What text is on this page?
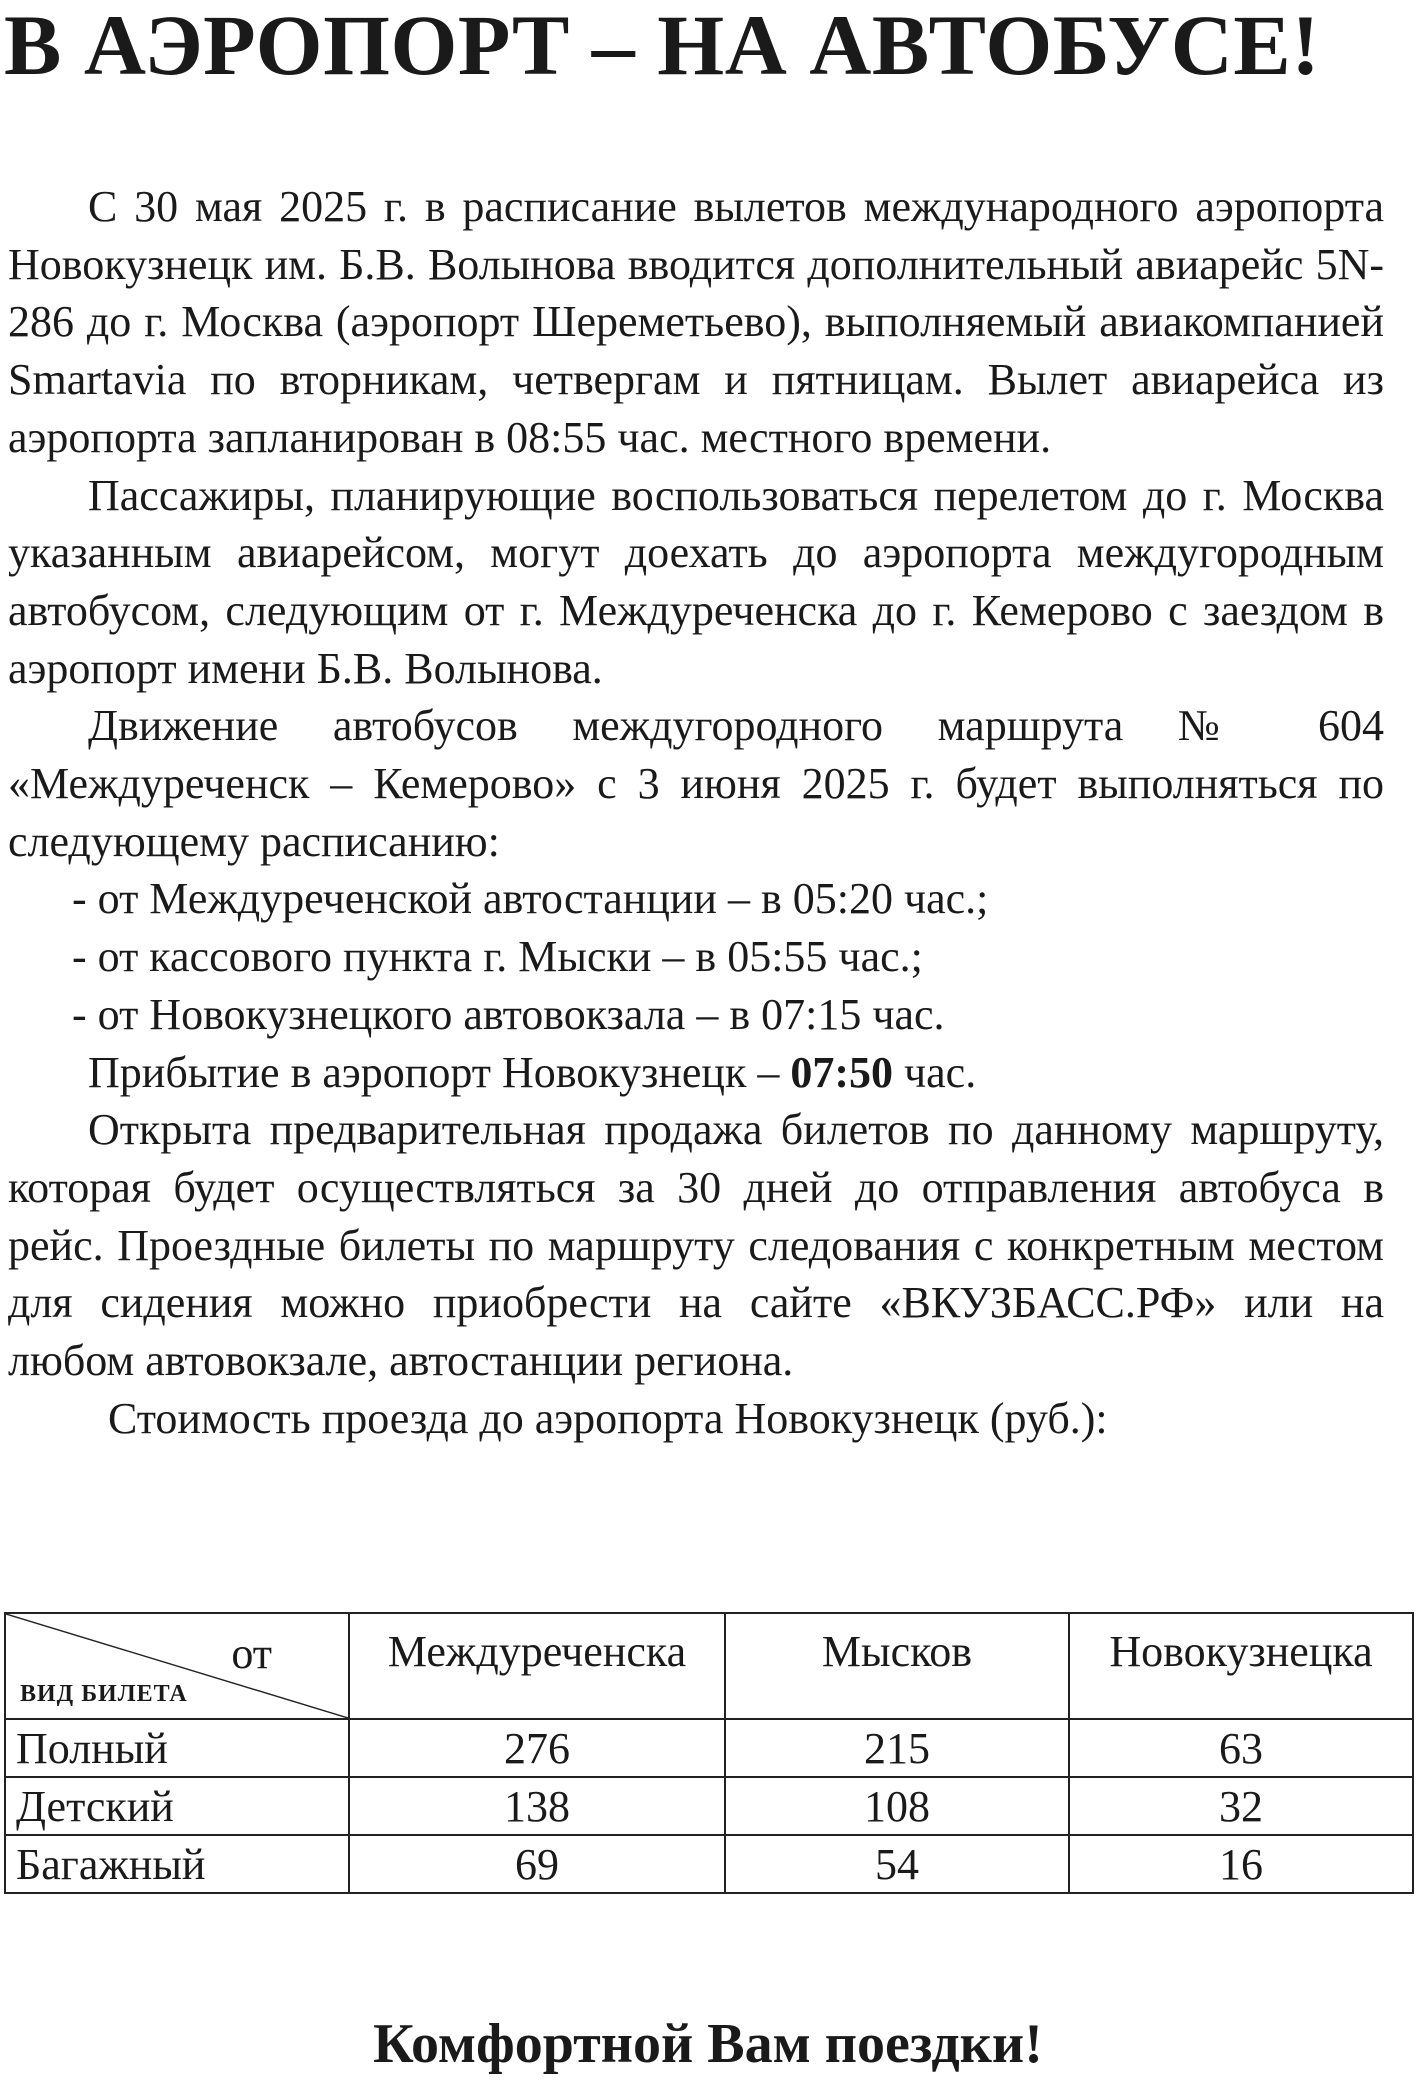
В АЭРОПОРТ – НА АВТОБУСЕ!

С 30 мая 2025 г. в расписание вылетов международного аэропорта Новокузнецк им. Б.В. Волынова вводится дополнительный авиарейс 5N-286 до г. Москва (аэропорт Шереметьево), выполняемый авиакомпанией Smartavia по вторникам, четвергам и пятницам. Вылет авиарейса из аэропорта запланирован в 08:55 час. местного времени.

Пассажиры, планирующие воспользоваться перелетом до г. Москва указанным авиарейсом, могут доехать до аэропорта междугородным автобусом, следующим от г. Междуреченска до г. Кемерово с заездом в аэропорт имени Б.В. Волынова.

Движение автобусов междугородного маршрута № 604 «Междуреченск – Кемерово» с 3 июня 2025 г. будет выполняться по следующему расписанию:

- от Междуреченской автостанции – в 05:20 час.;
- от кассового пункта г. Мыски – в 05:55 час.;
- от Новокузнецкого автовокзала – в 07:15 час.
Прибытие в аэропорт Новокузнецк – 07:50 час.

Открыта предварительная продажа билетов по данному маршруту, которая будет осуществляться за 30 дней до отправления автобуса в рейс. Проездные билеты по маршруту следования с конкретным местом для сидения можно приобрести на сайте «ВКУЗБАСС.РФ» или на любом автовокзале, автостанции региона.

Стоимость проезда до аэропорта Новокузнецк (руб.):
от
ВИД БИЛЕТА	Междуреченска	Мысков	Новокузнецка
Полный	276	215	63
Детский	138	108	32
Багажный	69	54	16

Комфортной Вам поездки!
